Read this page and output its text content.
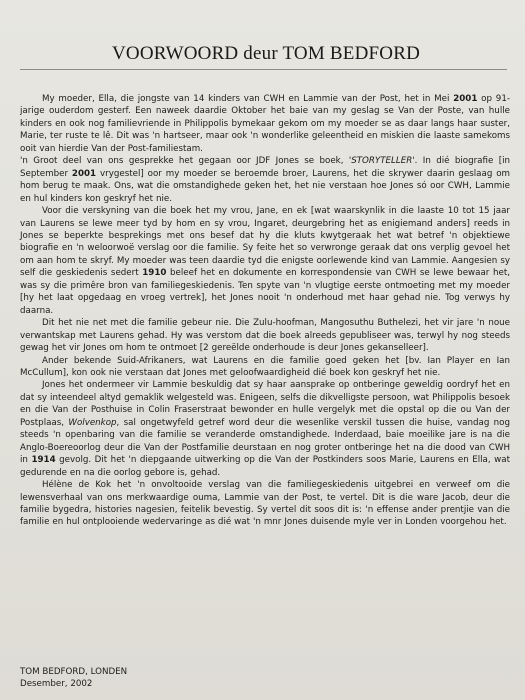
VOORWOORD deur TOM BEDFORD

My moeder, Ella, die jongste van 14 kinders van CWH en Lammie van der Post, het in Mei 2001 op 91-jarige ouderdom gesterf. Een naweek daardie Oktober het baie van my geslag se Van der Poste, van hulle kinders en ook nog familievriende in Philippolis bymekaar gekom om my moeder se as daar langs haar suster, Marie, ter ruste te lê. Dit was 'n hartseer, maar ook 'n wonderlike geleentheid en miskien die laaste samekoms ooit van hierdie Van der Post-familiestam.

'n Groot deel van ons gesprekke het gegaan oor JDF Jones se boek, 'STORYTELLER'. In dié biografie [in September 2001 vrygestel] oor my moeder se beroemde broer, Laurens, het die skrywer daarin geslaag om hom berug te maak. Ons, wat die omstandighede geken het, het nie verstaan hoe Jones só oor CWH, Lammie en hul kinders kon geskryf het nie.

Voor die verskyning van die boek het my vrou, Jane, en ek [wat waarskynlik in die laaste 10 tot 15 jaar van Laurens se lewe meer tyd by hom en sy vrou, Ingaret, deurgebring het as enigiemand anders] reeds in Jones se beperkte besprekings met ons besef dat hy die kluts kwytgeraak het wat betref 'n objektiewe biografie en 'n weloorwoë verslag oor die familie. Sy feite het so verwronge geraak dat ons verplig gevoel het om aan hom te skryf. My moeder was teen daardie tyd die enigste oorlewende kind van Lammie. Aangesien sy self die geskiedenis sedert 1910 beleef het en dokumente en korrespondensie van CWH se lewe bewaar het, was sy die primêre bron van familiegeskiedenis. Ten spyte van 'n vlugtige eerste ontmoeting met my moeder [hy het laat opgedaag en vroeg vertrek], het Jones nooit 'n onderhoud met haar gehad nie. Tog verwys hy daarna.

Dit het nie net met die familie gebeur nie. Die Zulu-hoofman, Mangosuthu Buthelezi, het vir jare 'n noue verwantskap met Laurens gehad. Hy was verstom dat die boek alreeds gepubliseer was, terwyl hy nog steeds gewag het vir Jones om hom te ontmoet [2 gereëlde onderhoude is deur Jones gekanselleer].

Ander bekende Suid-Afrikaners, wat Laurens en die familie goed geken het [bv. Ian Player en Ian McCullum], kon ook nie verstaan dat Jones met geloofwaardigheid dié boek kon geskryf het nie.

Jones het ondermeer vir Lammie beskuldig dat sy haar aansprake op ontberinge geweldig oordryf het en dat sy inteendeel altyd gemaklik welgesteld was. Enigeen, selfs die dikvelligste persoon, wat Philippolis besoek en die Van der Posthuise in Colin Fraserstraat bewonder en hulle vergelyk met die opstal op die ou Van der Postplaas, Wolvenkop, sal ongetwyfeld getref word deur die wesenlike verskil tussen die huise, vandag nog steeds 'n openbaring van die familie se veranderde omstandighede. Inderdaad, baie moeilike jare is na die Anglo-Boereoorlog deur die Van der Postfamilie deurstaan en nog groter ontberinge het na die dood van CWH in 1914 gevolg. Dit het 'n diepgaande uitwerking op die Van der Postkinders soos Marie, Laurens en Ella, wat gedurende en na die oorlog gebore is, gehad.

Hélène de Kok het 'n onvoltooide verslag van die familiegeskiedenis uitgebrei en verweef om die lewensverhaal van ons merkwaardige ouma, Lammie van der Post, te vertel. Dit is die ware Jacob, deur die familie bygedra, histories nagesien, feitelik bevestig. Sy vertel dit soos dit is: 'n effense ander prentjie van die familie en hul ontplooiende wedervaringe as dié wat 'n mnr Jones duisende myle ver in Londen voorgehou het.

TOM BEDFORD, LONDEN
Desember, 2002
